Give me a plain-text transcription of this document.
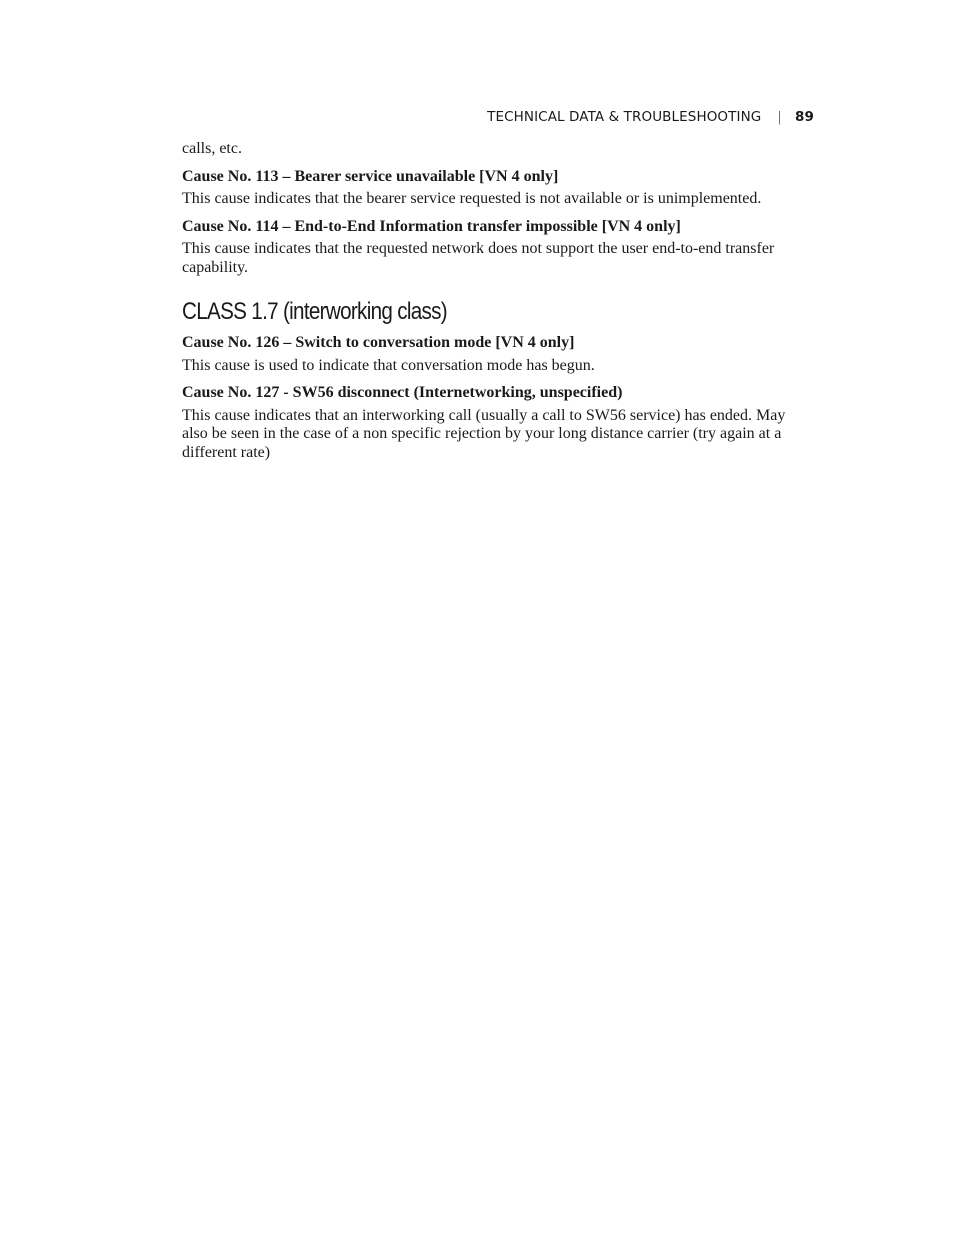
TECHNICAL DATA & TROUBLESHOOTING | 89

calls, etc.

Cause No. 113 – Bearer service unavailable [VN 4 only]

This cause indicates that the bearer service requested is not available or is unimplemented.

Cause No. 114 – End-to-End Information transfer impossible [VN 4 only]

This cause indicates that the requested network does not support the user end-to-end transfer capability.

CLASS 1.7 (interworking class)

Cause No. 126 – Switch to conversation mode [VN 4 only]

This cause is used to indicate that conversation mode has begun.

Cause No. 127 - SW56 disconnect (Internetworking, unspecified)

This cause indicates that an interworking call (usually a call to SW56 service) has ended. May also be seen in the case of a non specific rejection by your long distance carrier (try again at a different rate)
